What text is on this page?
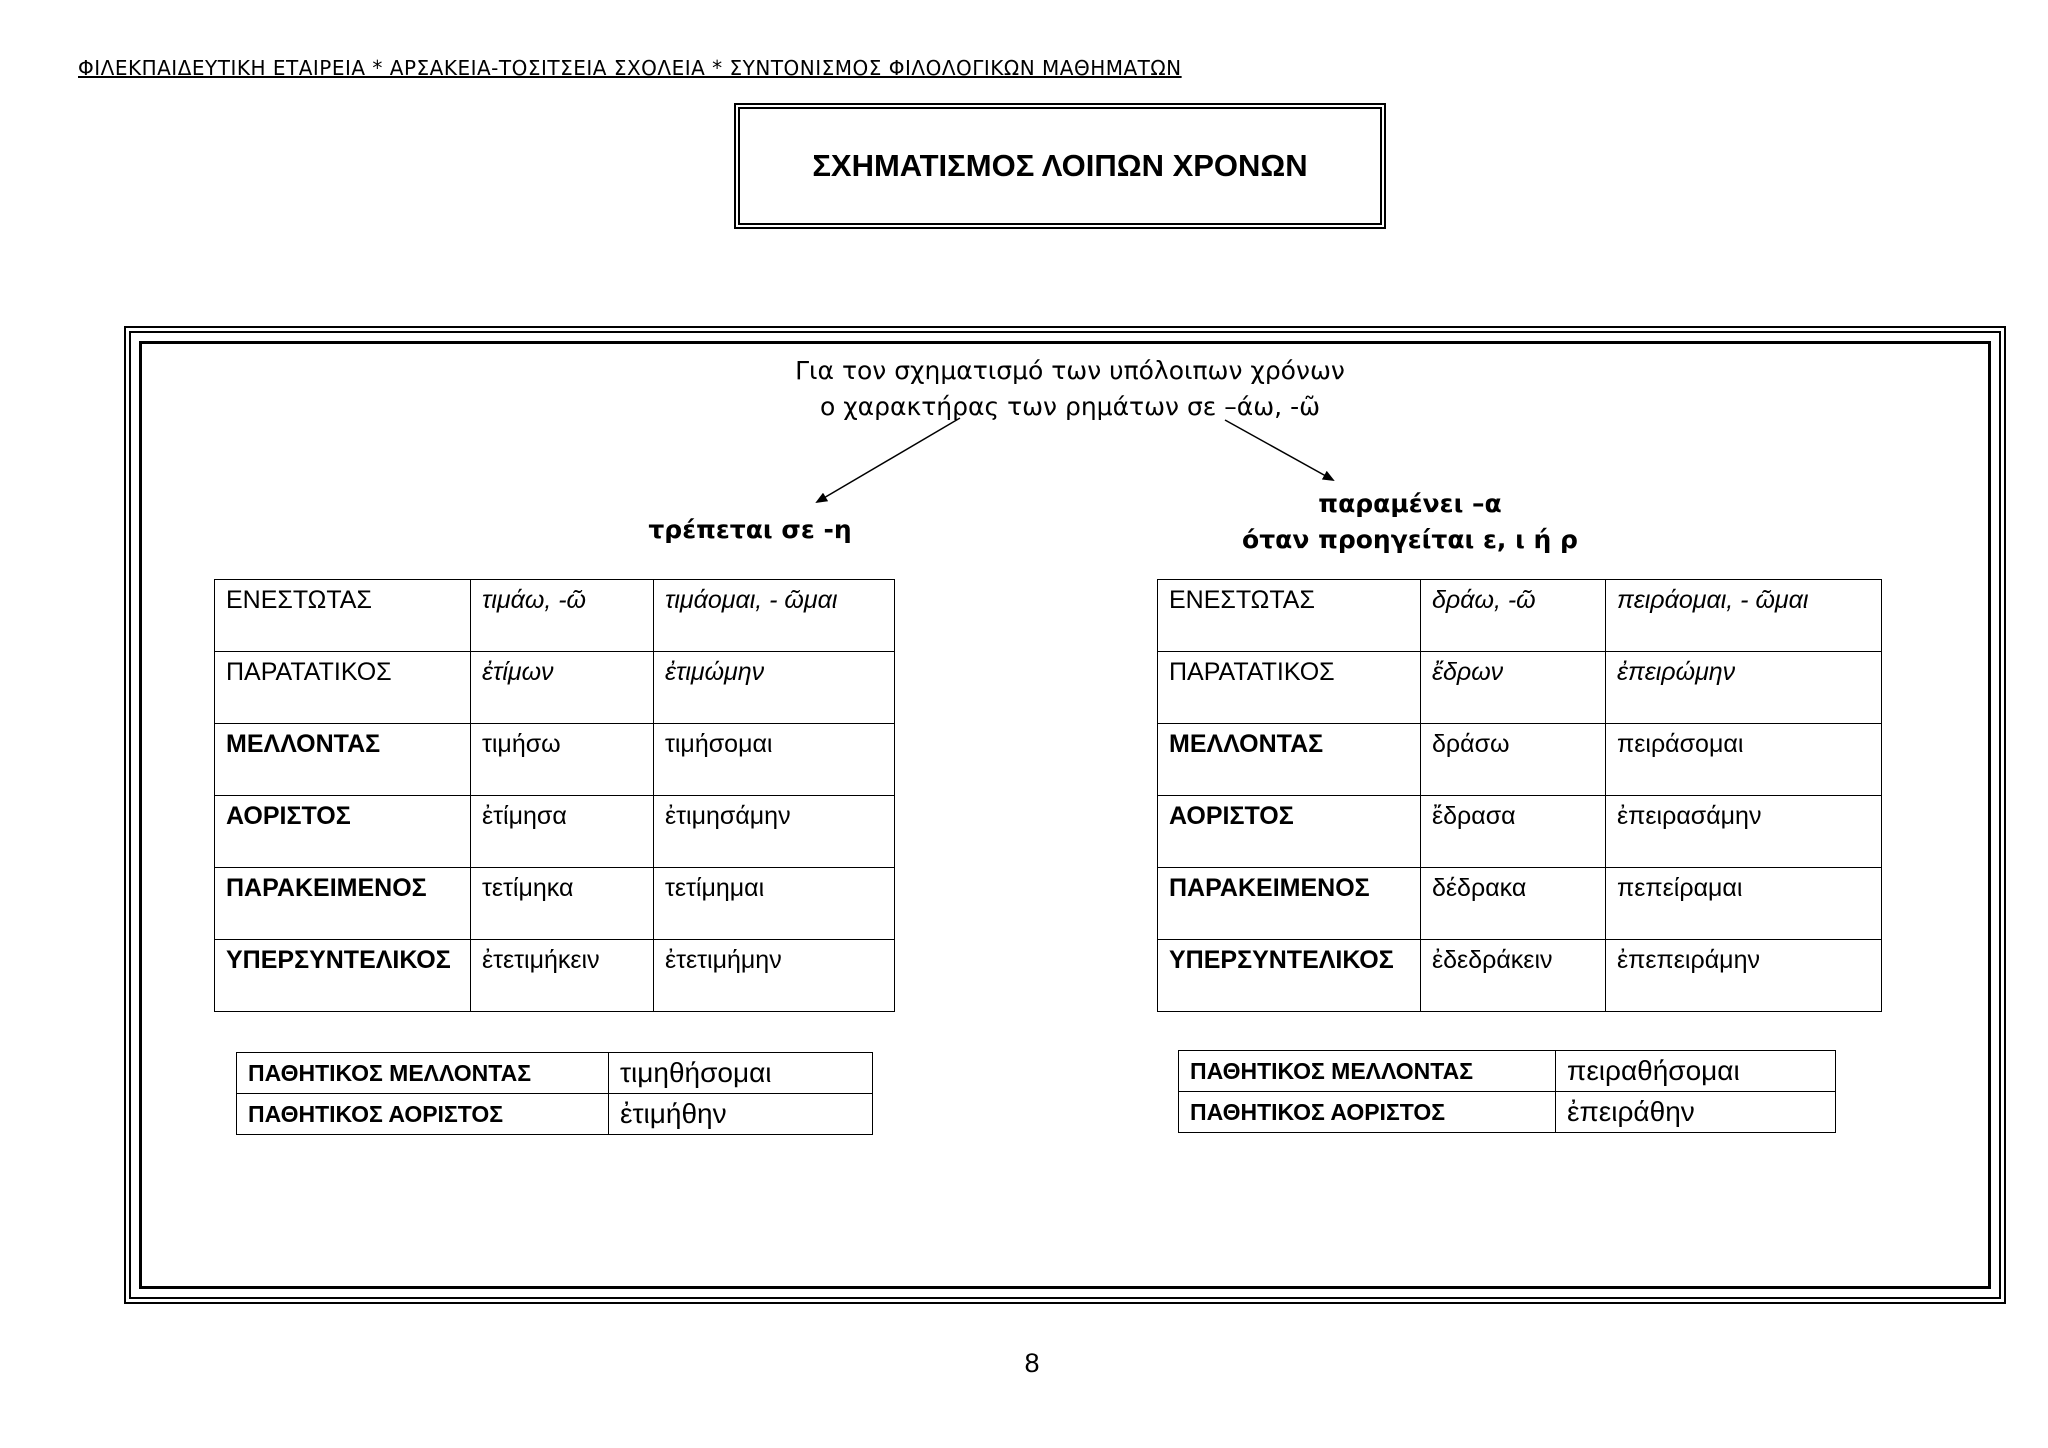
ΦΙΛΕΚΠΑΙΔΕΥΤΙΚΗ ΕΤΑΙΡΕΙΑ * ΑΡΣΑΚΕΙΑ-ΤΟΣΙΤΣΕΙΑ ΣΧΟΛΕΙΑ * ΣΥΝΤΟΝΙΣΜΟΣ ΦΙΛΟΛΟΓΙΚΩΝ ΜΑΘΗΜΑΤΩΝ
ΣΧΗΜΑΤΙΣΜΟΣ ΛΟΙΠΩΝ ΧΡΟΝΩΝ
Για τον σχηματισμό των υπόλοιπων χρόνων
ο χαρακτήρας των ρημάτων σε –άω, -ῶ
τρέπεται σε -η
παραμένει –α
όταν προηγείται ε, ι ή ρ
ΕΝΕΣΤΩΤΑΣ	τιμάω, -ῶ	τιμάομαι, - ῶμαι
ΠΑΡΑΤΑΤΙΚΟΣ	ἐτίμων	ἐτιμώμην
ΜΕΛΛΟΝΤΑΣ	τιμήσω	τιμήσομαι
ΑΟΡΙΣΤΟΣ	ἐτίμησα	ἐτιμησάμην
ΠΑΡΑΚΕΙΜΕΝΟΣ	τετίμηκα	τετίμημαι
ΥΠΕΡΣΥΝΤΕΛΙΚΟΣ	ἐτετιμήκειν	ἐτετιμήμην
ΕΝΕΣΤΩΤΑΣ	δράω, -ῶ	πειράομαι, - ῶμαι
ΠΑΡΑΤΑΤΙΚΟΣ	ἔδρων	ἐπειρώμην
ΜΕΛΛΟΝΤΑΣ	δράσω	πειράσομαι
ΑΟΡΙΣΤΟΣ	ἔδρασα	ἐπειρασάμην
ΠΑΡΑΚΕΙΜΕΝΟΣ	δέδρακα	πεπείραμαι
ΥΠΕΡΣΥΝΤΕΛΙΚΟΣ	ἐδεδράκειν	ἐπεπειράμην
ΠΑΘΗΤΙΚΟΣ ΜΕΛΛΟΝΤΑΣ	τιμηθήσομαι
ΠΑΘΗΤΙΚΟΣ ΑΟΡΙΣΤΟΣ	ἐτιμήθην
ΠΑΘΗΤΙΚΟΣ ΜΕΛΛΟΝΤΑΣ	πειραθήσομαι
ΠΑΘΗΤΙΚΟΣ ΑΟΡΙΣΤΟΣ	ἐπειράθην
8
